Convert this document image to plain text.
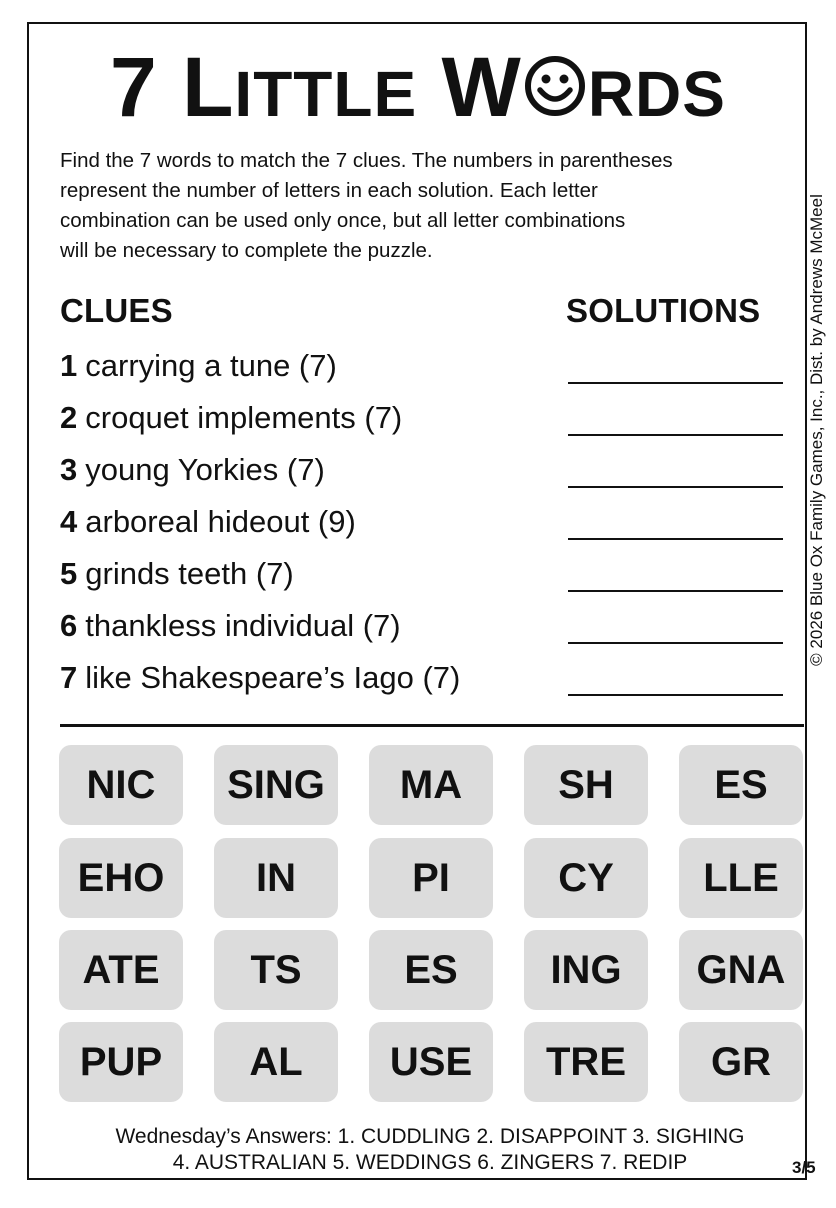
7 LITTLE W RDS
Find the 7 words to match the 7 clues. The numbers in parentheses
represent the number of letters in each solution. Each letter
combination can be used only once, but all letter combinations
will be necessary to complete the puzzle.
CLUES	SOLUTIONS
1 carrying a tune (7)
2 croquet implements (7)
3 young Yorkies (7)
4 arboreal hideout (9)
5 grinds teeth (7)
6 thankless individual (7)
7 like Shakespeare’s Iago (7)
NIC	SING	MA	SH	ES
EHO	IN	PI	CY	LLE
ATE	TS	ES	ING	GNA
PUP	AL	USE	TRE	GR
Wednesday’s Answers: 1. CUDDLING 2. DISAPPOINT 3. SIGHING
4. AUSTRALIAN 5. WEDDINGS 6. ZINGERS 7. REDIP	3/5
© 2026 Blue Ox Family Games, Inc., Dist. by Andrews McMeel
